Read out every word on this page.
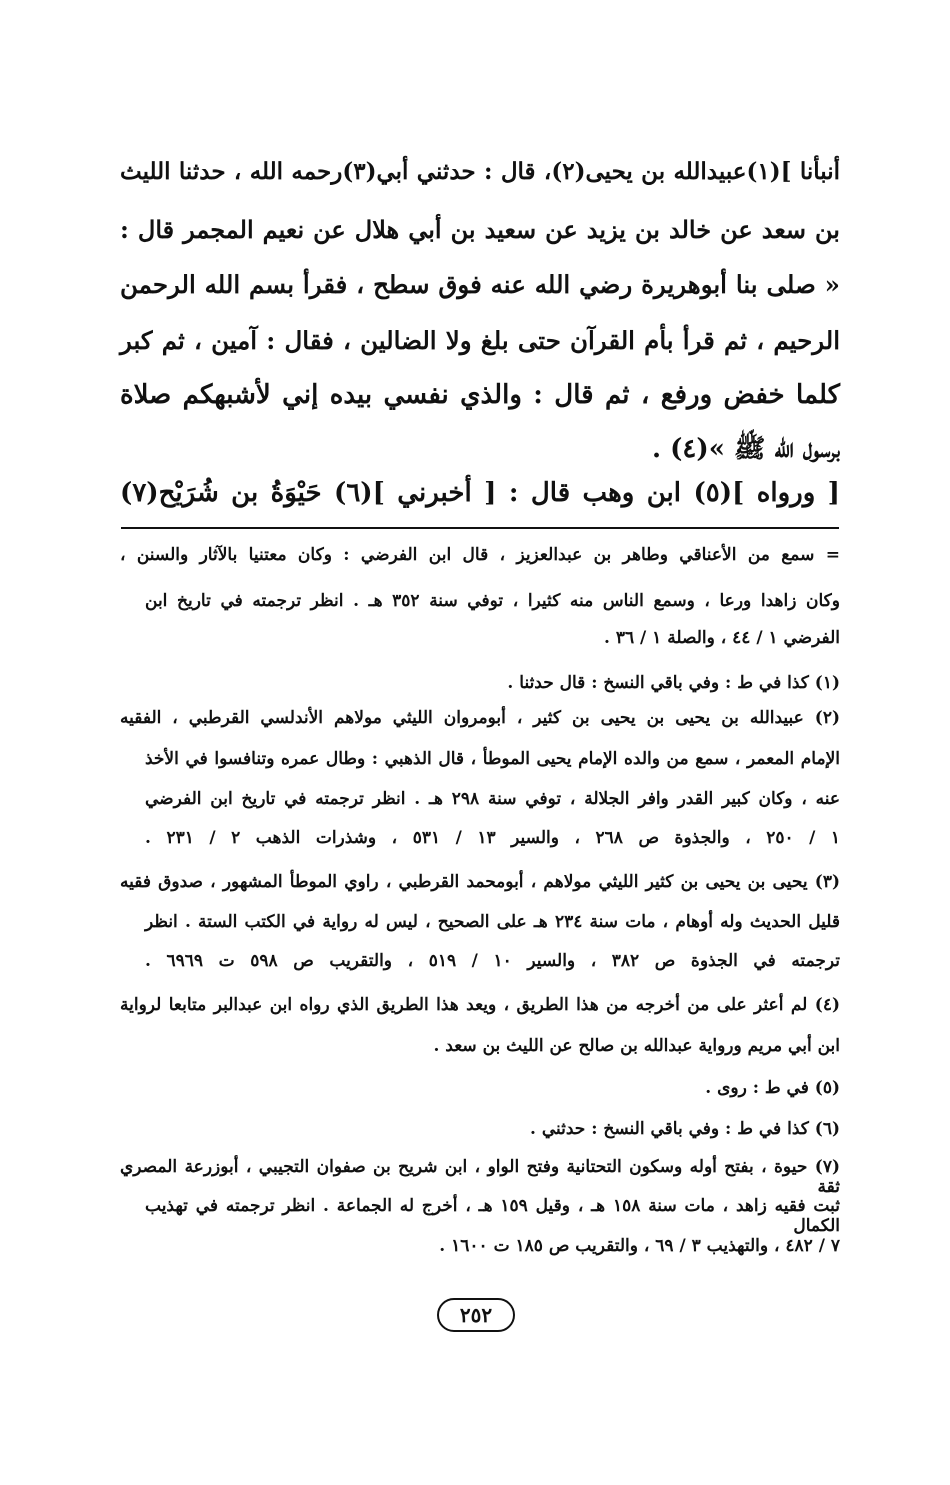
أنبأنا ](١)عبيدالله بن يحيى(٢)، قال : حدثني أبي(٣)رحمه الله ، حدثنا الليث
بن سعد عن خالد بن يزيد عن سعيد بن أبي هلال عن نعيم المجمر قال :
« صلى بنا أبوهريرة رضي الله عنه فوق سطح ، فقرأ بسم الله الرحمن
الرحيم ، ثم قرأ بأم القرآن حتى بلغ ولا الضالين ، فقال : آمين ، ثم كبر
كلما خفض ورفع ، ثم قال : والذي نفسي بيده إني لأشبهكم صلاة
برسول الله ﷺ »(٤) .
[ ورواه ](٥) ابن وهب قال : [ أخبرني ](٦) حَيْوَةُ بن شُرَيْح(٧)
= سمع من الأعناقي وطاهر بن عبدالعزيز ، قال ابن الفرضي : وكان معتنيا بالآثار والسنن ،
وكان زاهدا ورعا ، وسمع الناس منه كثيرا ، توفي سنة ٣٥٢ هـ . انظر ترجمته في تاريخ ابن
الفرضي ١ / ٤٤ ، والصلة ١ / ٣٦ .
(١) كذا في ط : وفي باقي النسخ : قال حدثنا .
(٢) عبيدالله بن يحيى بن يحيى بن كثير ، أبومروان الليثي مولاهم الأندلسي القرطبي ، الفقيه
الإمام المعمر ، سمع من والده الإمام يحيى الموطأ ، قال الذهبي : وطال عمره وتنافسوا في الأخذ
عنه ، وكان كبير القدر وافر الجلالة ، توفي سنة ٢٩٨ هـ . انظر ترجمته في تاريخ ابن الفرضي
١ / ٢٥٠ ، والجذوة ص ٢٦٨ ، والسير ١٣ / ٥٣١ ، وشذرات الذهب ٢ / ٢٣١ .
(٣) يحيى بن يحيى بن كثير الليثي مولاهم ، أبومحمد القرطبي ، راوي الموطأ المشهور ، صدوق فقيه
قليل الحديث وله أوهام ، مات سنة ٢٣٤ هـ على الصحيح ، ليس له رواية في الكتب الستة . انظر
ترجمته في الجذوة ص ٣٨٢ ، والسير ١٠ / ٥١٩ ، والتقريب ص ٥٩٨ ت ٦٩٦٩ .
(٤) لم أعثر على من أخرجه من هذا الطريق ، ويعد هذا الطريق الذي رواه ابن عبدالبر متابعا لرواية
ابن أبي مريم ورواية عبدالله بن صالح عن الليث بن سعد .
(٥) في ط : روى .
(٦) كذا في ط : وفي باقي النسخ : حدثني .
(٧) حيوة ، بفتح أوله وسكون التحتانية وفتح الواو ، ابن شريح بن صفوان التجيبي ، أبوزرعة المصري ثقة
ثبت فقيه زاهد ، مات سنة ١٥٨ هـ ، وقيل ١٥٩ هـ ، أخرج له الجماعة . انظر ترجمته في تهذيب الكمال
٧ / ٤٨٢ ، والتهذيب ٣ / ٦٩ ، والتقريب ص ١٨٥ ت ١٦٠٠ .
٢٥٢
